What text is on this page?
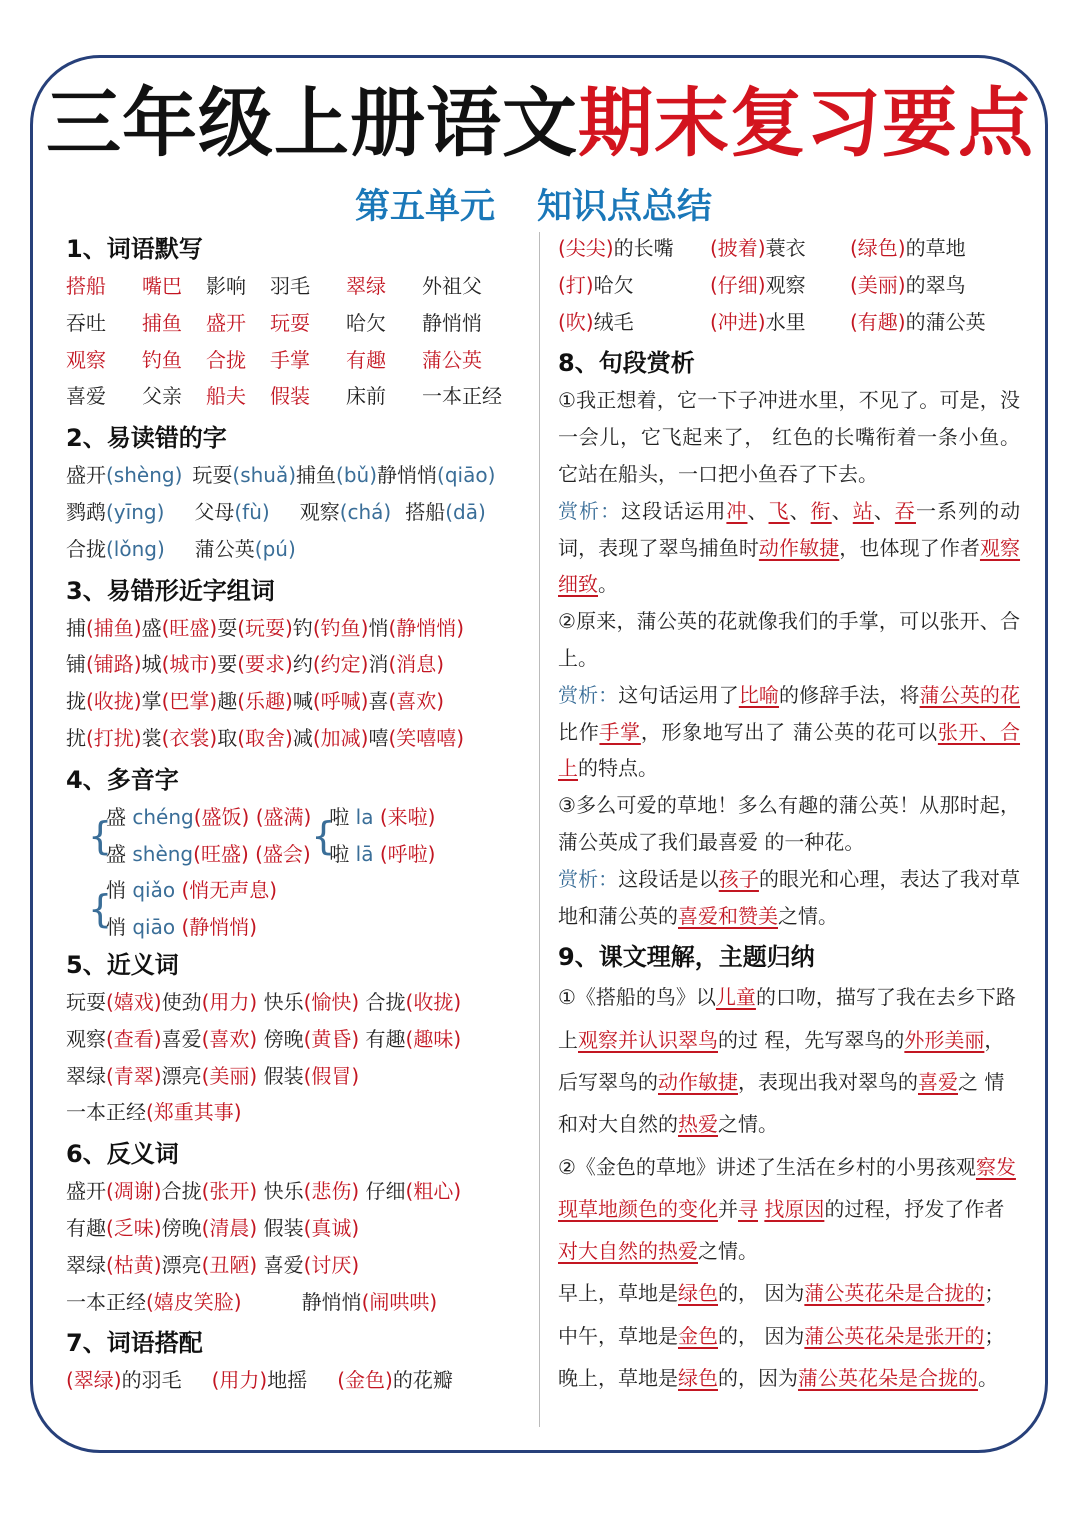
三年级上册语文期末复习要点
第五单元 知识点总结
1、词语默写
搭船 嘴巴 影响 羽毛 翠绿 外祖父
吞吐 捕鱼 盛开 玩耍 哈欠 静悄悄
观察 钓鱼 合拢 手掌 有趣 蒲公英
喜爱 父亲 船夫 假装 床前 一本正经
2、易读错的字
盛开(shèng) 玩耍(shuǎ)捕鱼(bǔ)静悄悄(qiāo)
鹨鹉(yīng) 父母(fù) 观察(chá) 搭船(dā)
合拢(lǒng) 蒲公英(pú)
3、易错形近字组词
捕(捕鱼)盛(旺盛)耍(玩耍)钓(钓鱼)悄(静悄悄)
铺(铺路)城(城市)要(要求)约(约定)消(消息)
拢(收拢)掌(巴掌)趣(乐趣)喊(呼喊)喜(喜欢)
扰(打扰)裳(衣裳)取(取舍)减(加减)嘻(笑嘻嘻)
4、多音字
{
盛 chéng(盛饭) (盛满)
盛 shèng(旺盛) (盛会) {
啦 la (来啦)
啦 lā (呼啦)
{
悄 qiǎo (悄无声息)
悄 qiāo (静悄悄)
5、近义词
玩耍(嬉戏)使劲(用力) 快乐(愉快) 合拢(收拢)
观察(查看)喜爱(喜欢) 傍晚(黄昏) 有趣(趣味)
翠绿(青翠)漂亮(美丽) 假装(假冒)
一本正经(郑重其事)
6、反义词
盛开(凋谢)合拢(张开) 快乐(悲伤) 仔细(粗心)
有趣(乏味)傍晚(清晨) 假装(真诚)
翠绿(枯黄)漂亮(丑陋) 喜爱(讨厌)
一本正经(嬉皮笑脸)	静悄悄(闹哄哄)
7、词语搭配
(翠绿)的羽毛 (用力)地摇 (金色)的花瓣
(尖尖)的长嘴 (披着)蓑衣 (绿色)的草地
(打)哈欠	(仔细)观察 (美丽)的翠鸟
(吹)绒毛	(冲进)水里 (有趣)的蒲公英
8、句段赏析
①我正想着，它一下子冲进水里，不见了。可是，没一会儿，它飞起来了， 红色的长嘴衔着一条小鱼。它站在船头，一口把小鱼吞了下去。
赏析：这段话运用冲、飞、衔、站、吞一系列的动词，表现了翠鸟捕鱼时动作敏捷，也体现了作者观察细致。
②原来，蒲公英的花就像我们的手掌，可以张开、合上。
赏析：这句话运用了比喻的修辞手法，将蒲公英的花比作手掌，形象地写出了 蒲公英的花可以张开、合上的特点。
③多么可爱的草地！多么有趣的蒲公英！从那时起，蒲公英成了我们最喜爱 的一种花。
赏析：这段话是以孩子的眼光和心理，表达了我对草地和蒲公英的喜爱和赞美之情。
9、课文理解，主题归纳
①《搭船的鸟》以儿童的口吻，描写了我在去乡下路上观察并认识翠鸟的过 程，先写翠鸟的外形美丽，后写翠鸟的动作敏捷，表现出我对翠鸟的喜爱之 情和对大自然的热爱之情。
②《金色的草地》讲述了生活在乡村的小男孩观察发现草地颜色的变化并寻 找原因的过程，抒发了作者对大自然的热爱之情。
早上，草地是绿色的， 因为蒲公英花朵是合拢的； 中午，草地是金色的， 因为蒲公英花朵是张开的； 晚上，草地是绿色的，因为蒲公英花朵是合拢的。
